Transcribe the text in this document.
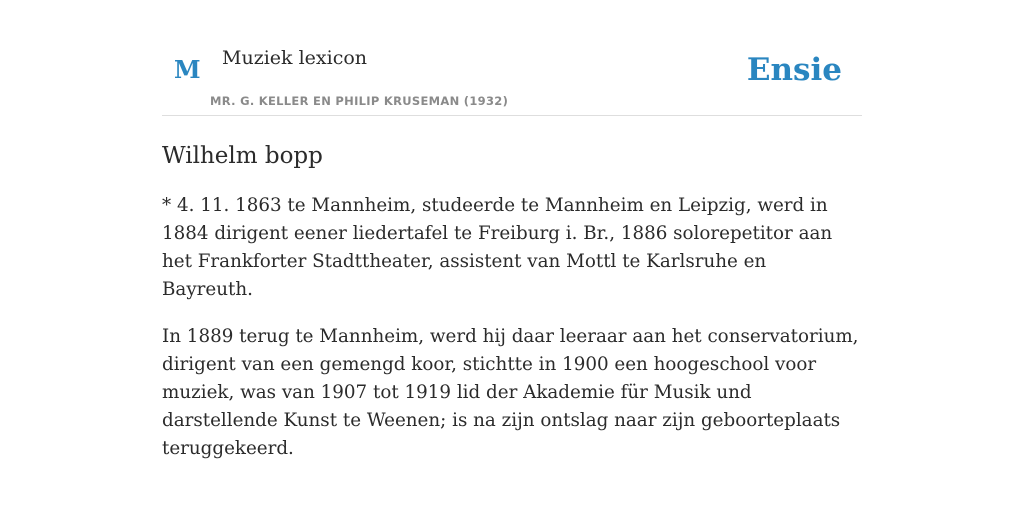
M Muziek lexicon
MR. G. KELLER EN PHILIP KRUSEMAN (1932)
Ensie
Wilhelm bopp

* 4. 11. 1863 te Mannheim, studeerde te Mannheim en Leipzig, werd in 1884 dirigent eener liedertafel te Freiburg i. Br., 1886 solorepetitor aan het Frankforter Stadttheater, assistent van Mottl te Karlsruhe en Bayreuth.

In 1889 terug te Mannheim, werd hij daar leeraar aan het conservatorium, dirigent van een gemengd koor, stichtte in 1900 een hoogeschool voor muziek, was van 1907 tot 1919 lid der Akademie für Musik und darstellende Kunst te Weenen; is na zijn ontslag naar zijn geboorteplaats teruggekeerd.
